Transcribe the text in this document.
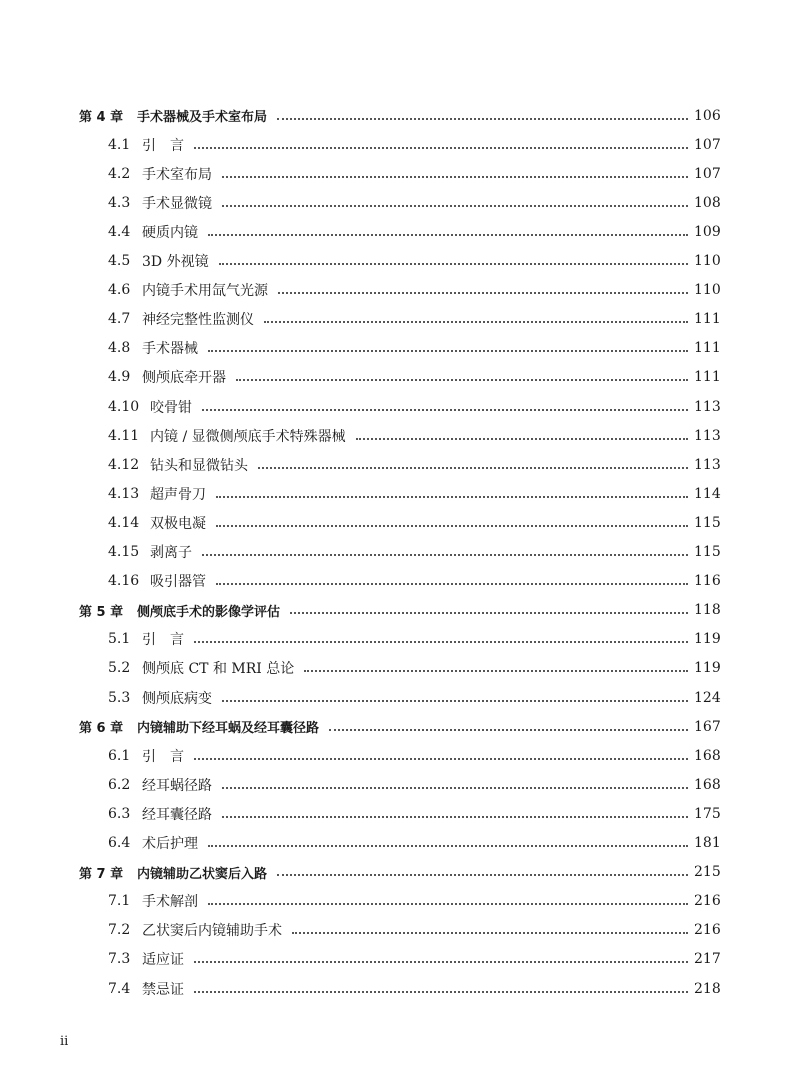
第 4 章	手术器械及手术室布局	106
4.1 引　言	107
4.2 手术室布局	107
4.3 手术显微镜	108
4.4 硬质内镜	109
4.5 3D 外视镜	110
4.6 内镜手术用氙气光源	110
4.7 神经完整性监测仪	111
4.8 手术器械	111
4.9 侧颅底牵开器	111
4.10 咬骨钳	113
4.11 内镜 / 显微侧颅底手术特殊器械	113
4.12 钻头和显微钻头	113
4.13 超声骨刀	114
4.14 双极电凝	115
4.15 剥离子	115
4.16 吸引器管	116
第 5 章	侧颅底手术的影像学评估	118
5.1 引　言	119
5.2 侧颅底 CT 和 MRI 总论	119
5.3 侧颅底病变	124
第 6 章	内镜辅助下经耳蜗及经耳囊径路	167
6.1 引　言	168
6.2 经耳蜗径路	168
6.3 经耳囊径路	175
6.4 术后护理	181
第 7 章	内镜辅助乙状窦后入路	215
7.1 手术解剖	216
7.2 乙状窦后内镜辅助手术	216
7.3 适应证	217
7.4 禁忌证	218
ii
